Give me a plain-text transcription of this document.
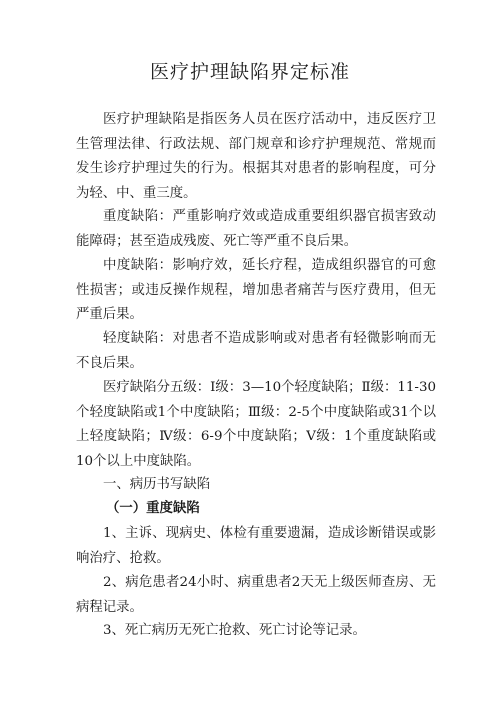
医疗护理缺陷界定标准

医疗护理缺陷是指医务人员在医疗活动中，违反医疗卫生管理法律、行政法规、部门规章和诊疗护理规范、常规而发生诊疗护理过失的行为。根据其对患者的影响程度，可分为轻、中、重三度。

重度缺陷：严重影响疗效或造成重要组织器官损害致动能障碍；甚至造成残废、死亡等严重不良后果。

中度缺陷：影响疗效，延长疗程，造成组织器官的可愈性损害；或违反操作规程，增加患者痛苦与医疗费用，但无严重后果。

轻度缺陷：对患者不造成影响或对患者有轻微影响而无不良后果。

医疗缺陷分五级：Ⅰ级：3—10个轻度缺陷；Ⅱ级：11-30个轻度缺陷或1个中度缺陷；Ⅲ级：2-5个中度缺陷或31个以上轻度缺陷；Ⅳ级：6-9个中度缺陷；Ⅴ级：1个重度缺陷或10个以上中度缺陷。

一、病历书写缺陷

（一）重度缺陷

1、主诉、现病史、体检有重要遗漏，造成诊断错误或影响治疗、抢救。

2、病危患者24小时、病重患者2天无上级医师查房、无病程记录。

3、死亡病历无死亡抢救、死亡讨论等记录。
